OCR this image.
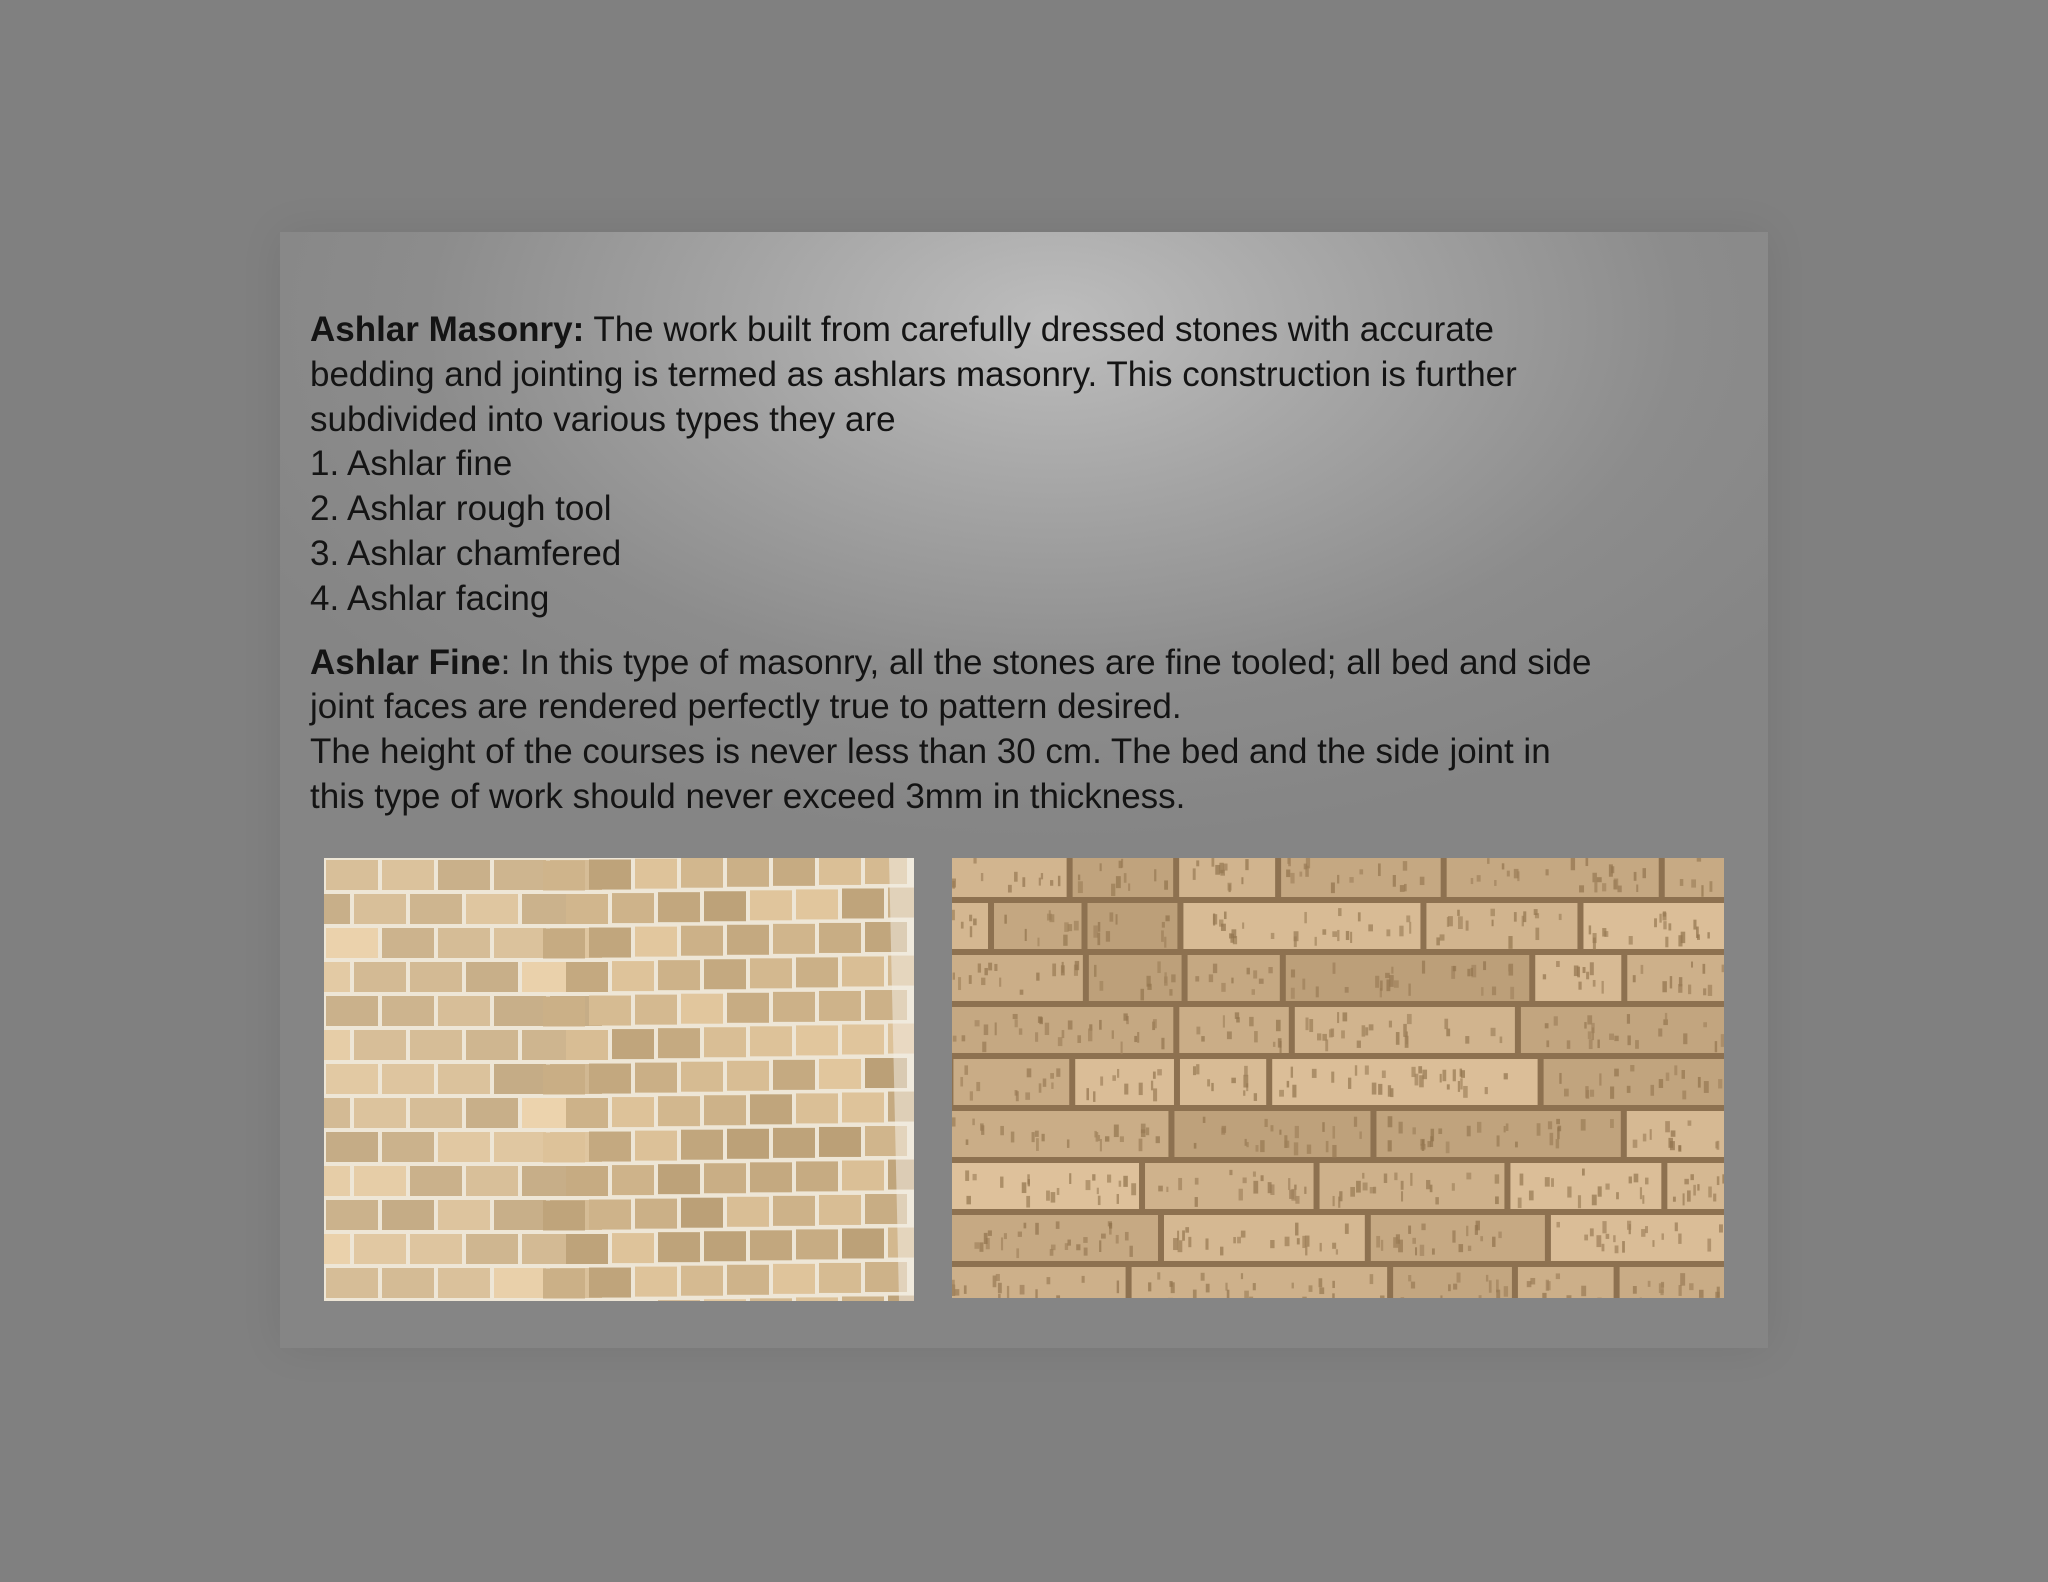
Ashlar Masonry: The work built from carefully dressed stones with accurate
bedding and jointing is termed as ashlars masonry. This construction is further
subdivided into various types they are

1. Ashlar fine
2. Ashlar rough tool
3. Ashlar chamfered
4. Ashlar facing

Ashlar Fine: In this type of masonry, all the stones are fine tooled; all bed and side
joint faces are rendered perfectly true to pattern desired.
The height of the courses is never less than 30 cm. The bed and the side joint in
this type of work should never exceed 3mm in thickness.
